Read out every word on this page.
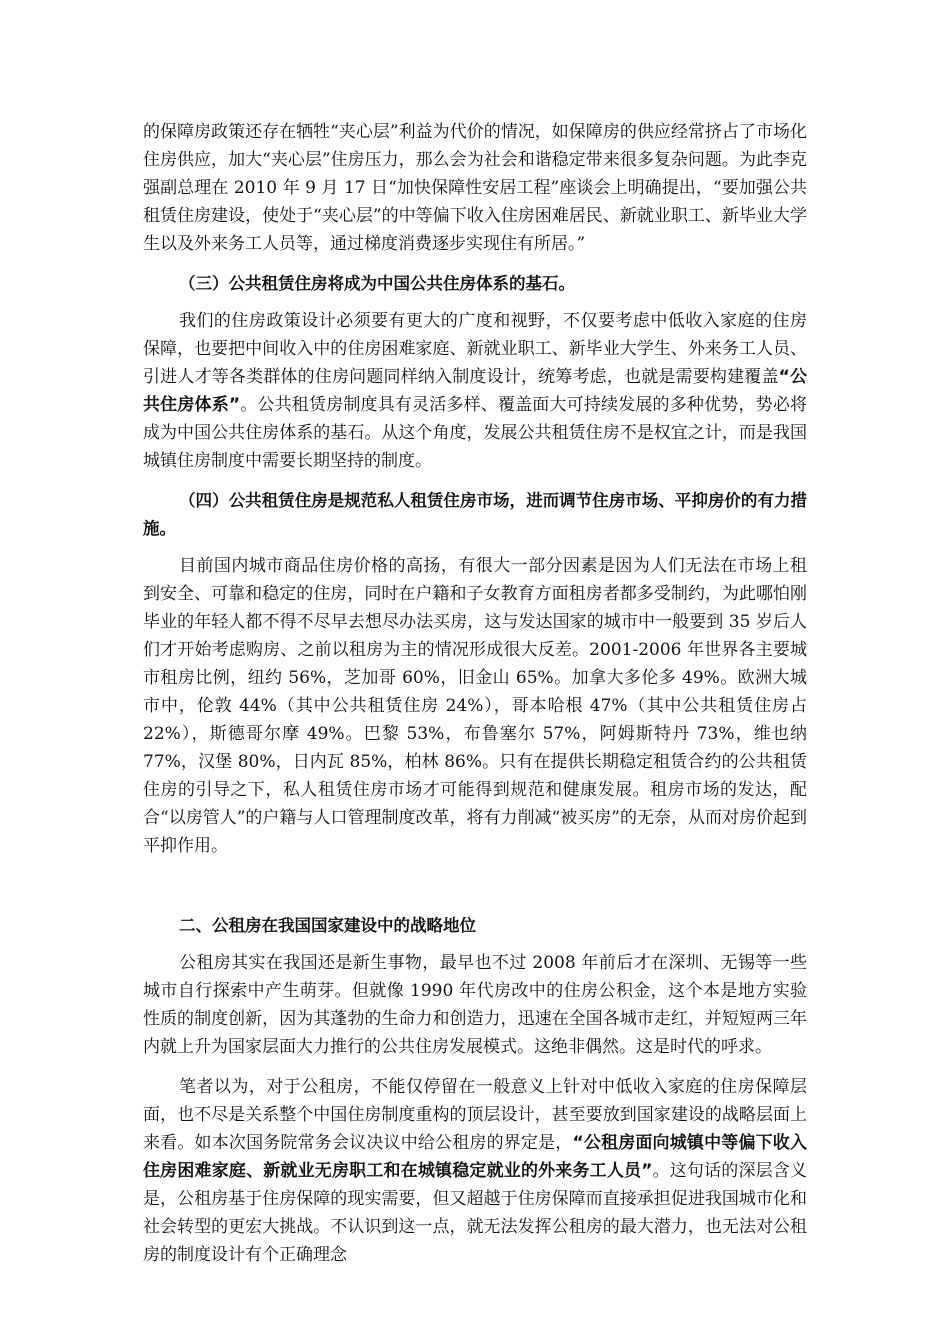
的保障房政策还存在牺牲“夹心层”利益为代价的情况，如保障房的供应经常挤占了市场化住房供应，加大“夹心层”住房压力，那么会为社会和谐稳定带来很多复杂问题。为此李克强副总理在 2010 年 9 月 17 日“加快保障性安居工程”座谈会上明确提出，“要加强公共租赁住房建设，使处于“夹心层”的中等偏下收入住房困难居民、新就业职工、新毕业大学生以及外来务工人员等，通过梯度消费逐步实现住有所居。”

（三）公共租赁住房将成为中国公共住房体系的基石。

我们的住房政策设计必须要有更大的广度和视野，不仅要考虑中低收入家庭的住房保障，也要把中间收入中的住房困难家庭、新就业职工、新毕业大学生、外来务工人员、引进人才等各类群体的住房问题同样纳入制度设计，统筹考虑，也就是需要构建覆盖“公共住房体系”。公共租赁房制度具有灵活多样、覆盖面大可持续发展的多种优势，势必将成为中国公共住房体系的基石。从这个角度，发展公共租赁住房不是权宜之计，而是我国城镇住房制度中需要长期坚持的制度。

（四）公共租赁住房是规范私人租赁住房市场，进而调节住房市场、平抑房价的有力措施。

目前国内城市商品住房价格的高扬，有很大一部分因素是因为人们无法在市场上租到安全、可靠和稳定的住房，同时在户籍和子女教育方面租房者都多受制约，为此哪怕刚毕业的年轻人都不得不尽早去想尽办法买房，这与发达国家的城市中一般要到 35 岁后人们才开始考虑购房、之前以租房为主的情况形成很大反差。2001-2006 年世界各主要城市租房比例，纽约 56%，芝加哥 60%，旧金山 65%。加拿大多伦多 49%。欧洲大城市中，伦敦 44%（其中公共租赁住房 24%），哥本哈根 47%（其中公共租赁住房占 22%），斯德哥尔摩 49%。巴黎 53%，布鲁塞尔 57%，阿姆斯特丹 73%，维也纳 77%，汉堡 80%，日内瓦 85%，柏林 86%。只有在提供长期稳定租赁合约的公共租赁住房的引导之下，私人租赁住房市场才可能得到规范和健康发展。租房市场的发达，配合“以房管人”的户籍与人口管理制度改革，将有力削减“被买房”的无奈，从而对房价起到平抑作用。

二、公租房在我国国家建设中的战略地位

公租房其实在我国还是新生事物，最早也不过 2008 年前后才在深圳、无锡等一些城市自行探索中产生萌芽。但就像 1990 年代房改中的住房公积金，这个本是地方实验性质的制度创新，因为其蓬勃的生命力和创造力，迅速在全国各城市走红，并短短两三年内就上升为国家层面大力推行的公共住房发展模式。这绝非偶然。这是时代的呼求。

笔者以为，对于公租房，不能仅停留在一般意义上针对中低收入家庭的住房保障层面，也不尽是关系整个中国住房制度重构的顶层设计，甚至要放到国家建设的战略层面上来看。如本次国务院常务会议决议中给公租房的界定是，“公租房面向城镇中等偏下收入住房困难家庭、新就业无房职工和在城镇稳定就业的外来务工人员”。这句话的深层含义是，公租房基于住房保障的现实需要，但又超越于住房保障而直接承担促进我国城市化和社会转型的更宏大挑战。不认识到这一点，就无法发挥公租房的最大潜力，也无法对公租房的制度设计有个正确理念
